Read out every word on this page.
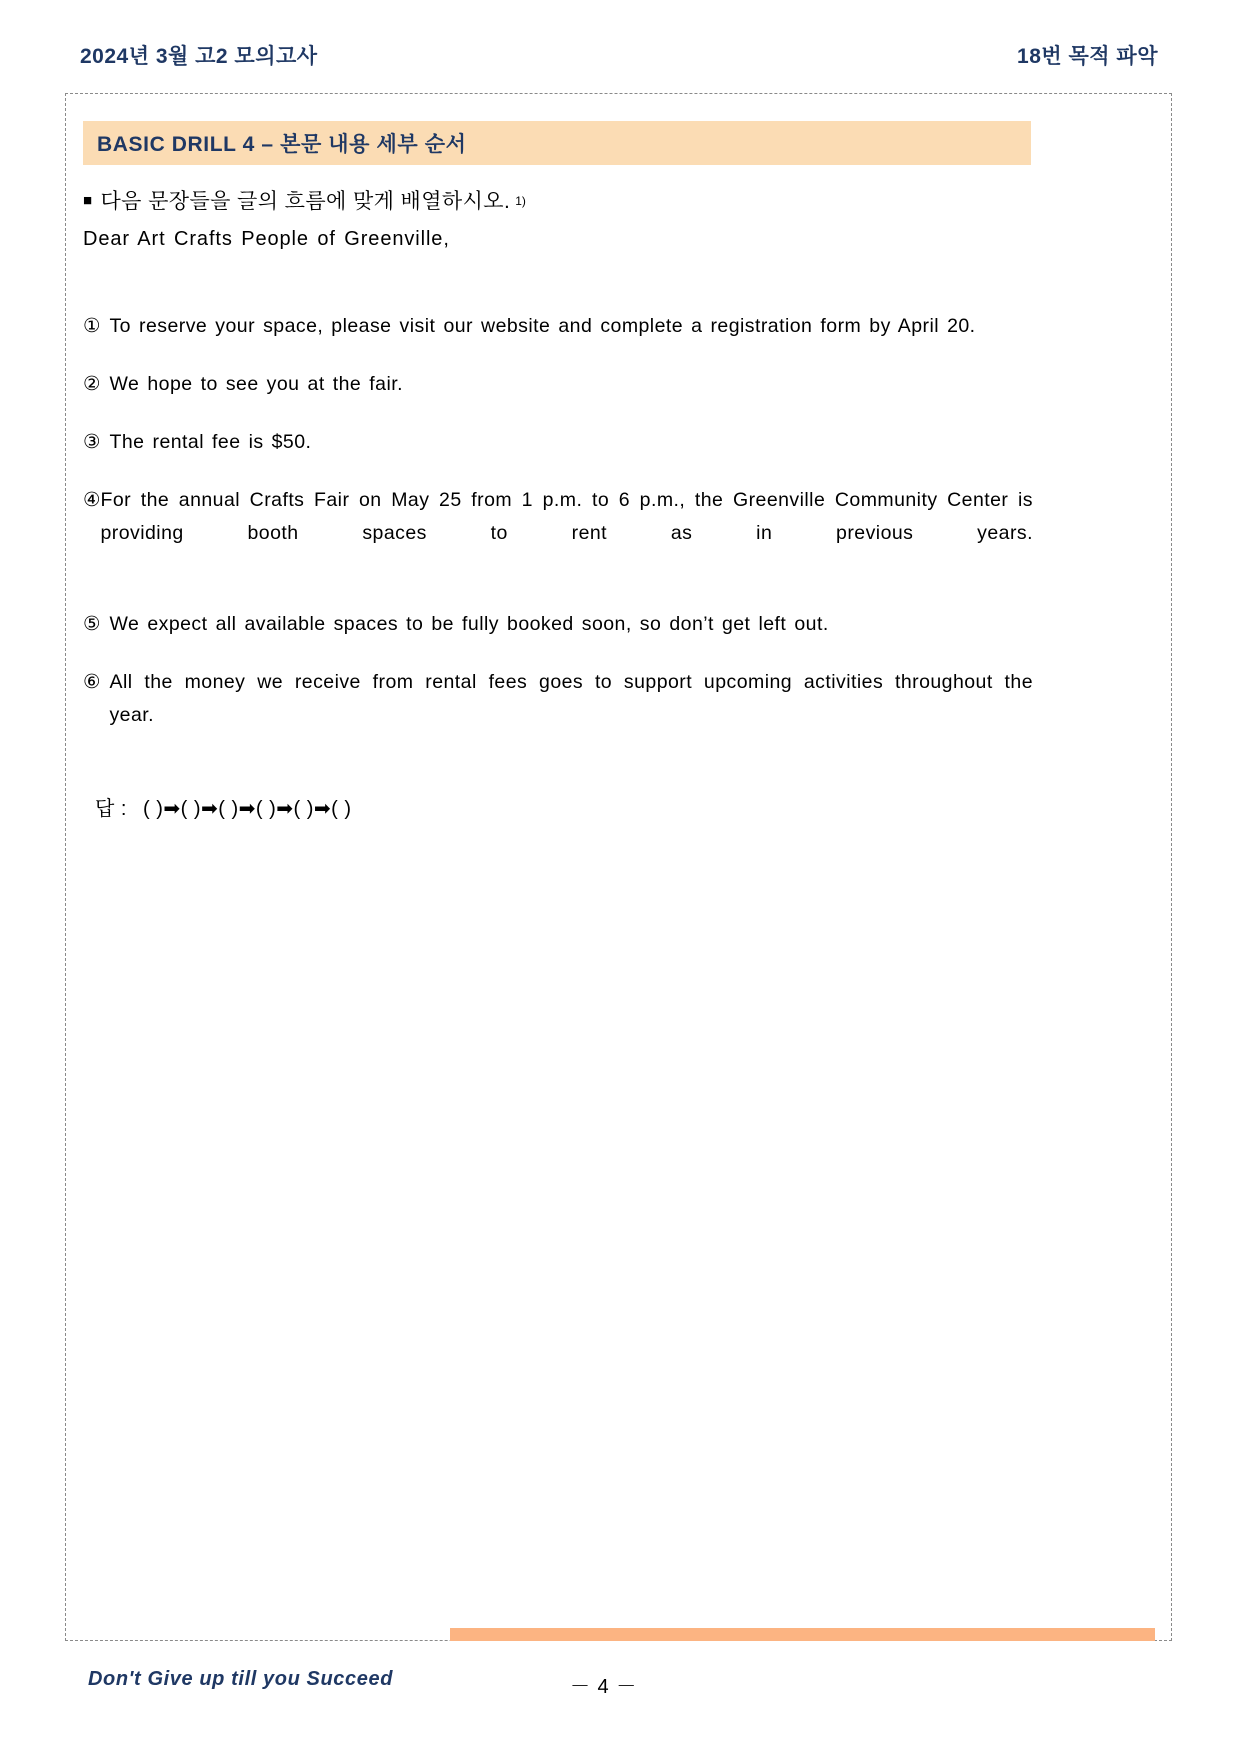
2024년 3월 고2 모의고사	18번 목적 파악
BASIC DRILL 4 – 본문 내용 세부 순서
■ 다음 문장들을 글의 흐름에 맞게 배열하시오. $^{1)}$
Dear Art Crafts People of Greenville,
① To reserve your space, please visit our website and complete a registration form by April 20.
② We hope to see you at the fair.
③ The rental fee is $50.
④ For the annual Crafts Fair on May 25 from 1 p.m. to 6 p.m., the Greenville Community Center is providing booth spaces to rent as in previous years.
⑤ We expect all available spaces to be fully booked soon, so don’t get left out.
⑥ All the money we receive from rental fees goes to support upcoming activities throughout the year.
답 : ( )➡( )➡( )➡( )➡( )➡( )
Don't Give up till you Succeed	－ 4 －
